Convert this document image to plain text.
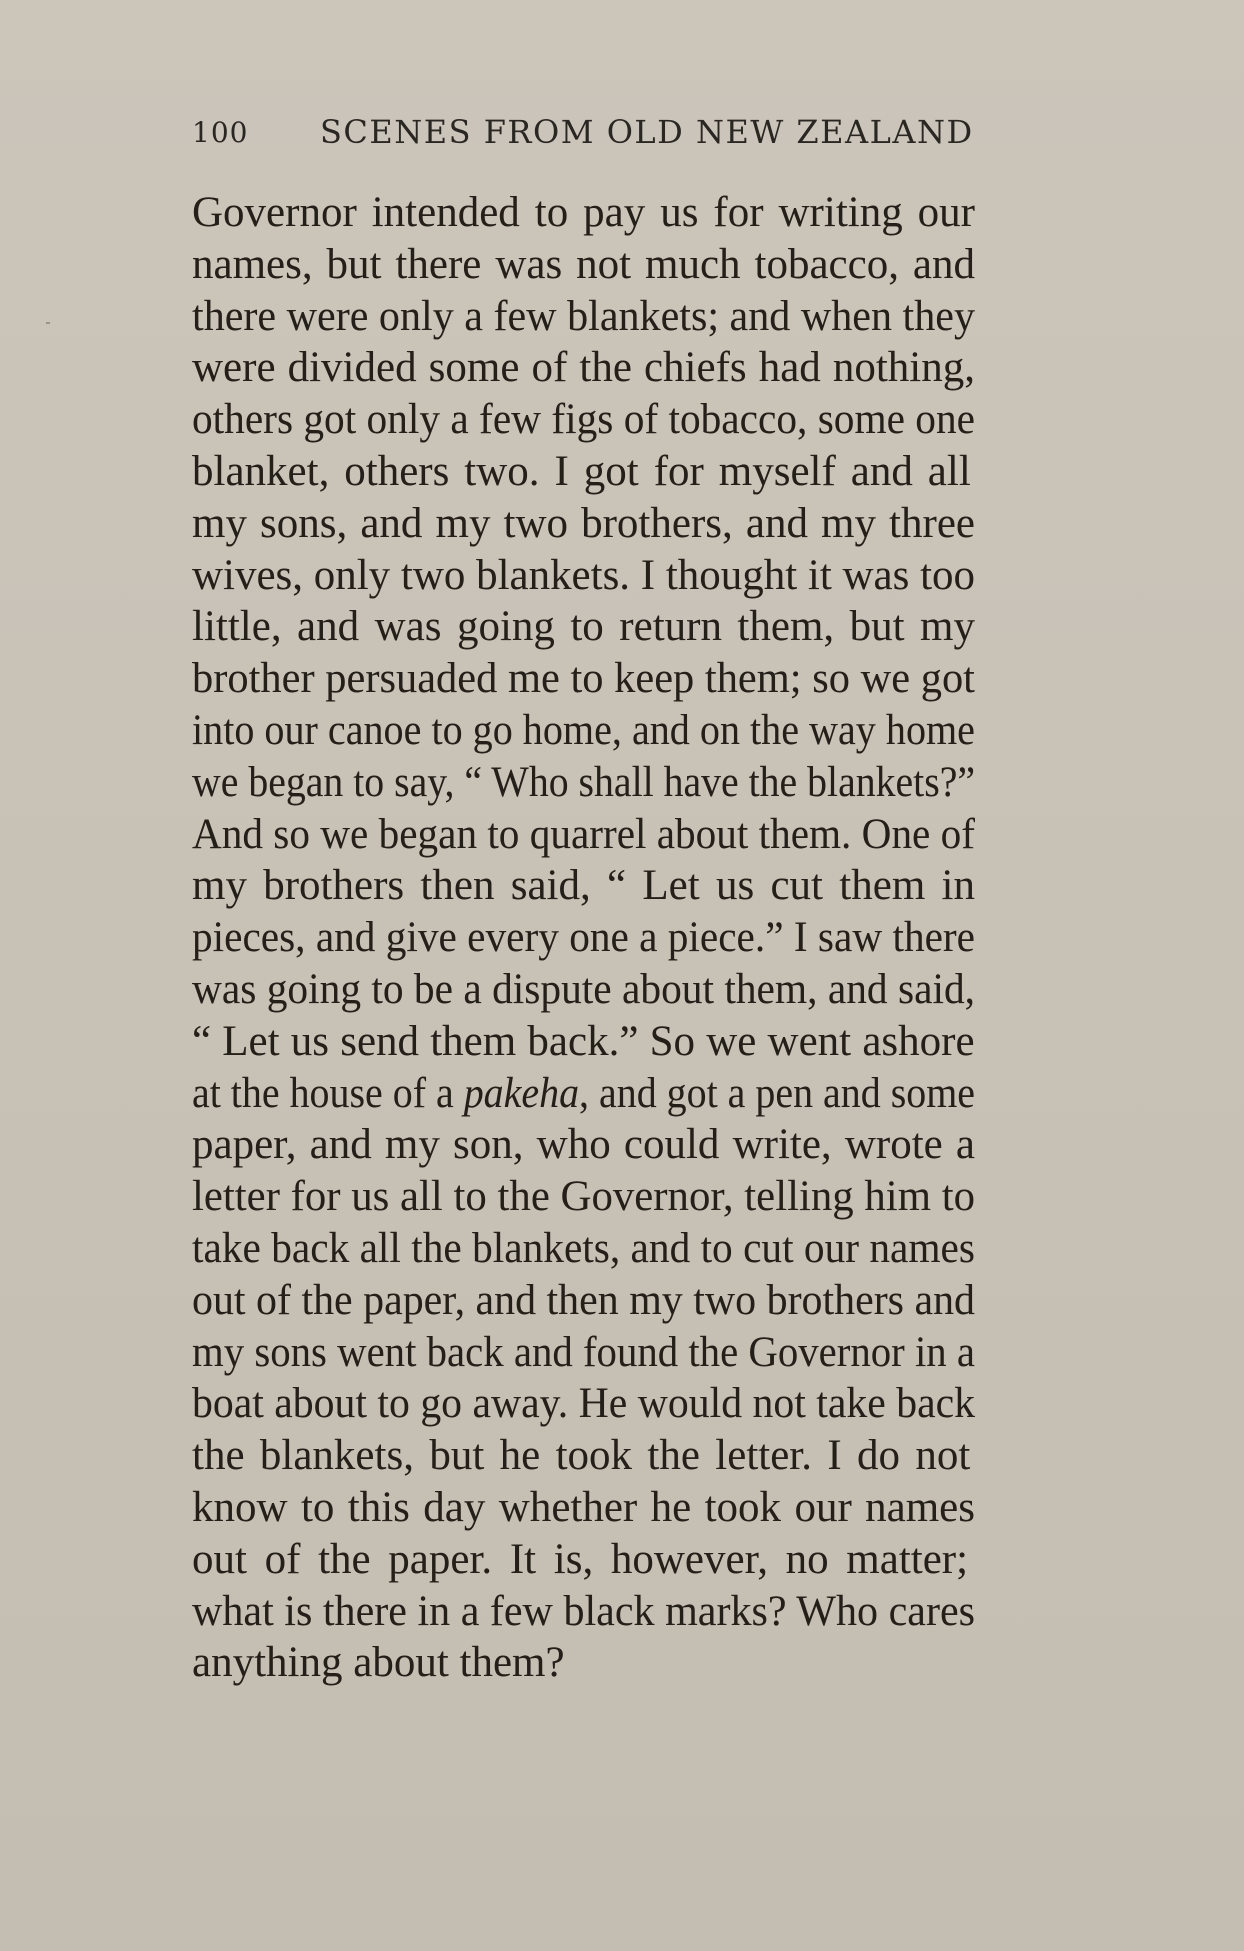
100 SCENES FROM OLD NEW ZEALAND
Governor intended to pay us for writing our
names, but there was not much tobacco, and
there were only a few blankets; and when they
were divided some of the chiefs had nothing,
others got only a few figs of tobacco, some one
blanket, others two. I got for myself and all
my sons, and my two brothers, and my three
wives, only two blankets. I thought it was too
little, and was going to return them, but my
brother persuaded me to keep them; so we got
into our canoe to go home, and on the way home
we began to say, “ Who shall have the blankets?”
And so we began to quarrel about them. One of
my brothers then said, “ Let us cut them in
pieces, and give every one a piece.” I saw there
was going to be a dispute about them, and said,
“ Let us send them back.” So we went ashore
at the house of a pakeha, and got a pen and some
paper, and my son, who could write, wrote a
letter for us all to the Governor, telling him to
take back all the blankets, and to cut our names
out of the paper, and then my two brothers and
my sons went back and found the Governor in a
boat about to go away. He would not take back
the blankets, but he took the letter. I do not
know to this day whether he took our names
out of the paper. It is, however, no matter;
what is there in a few black marks? Who cares
anything about them?
